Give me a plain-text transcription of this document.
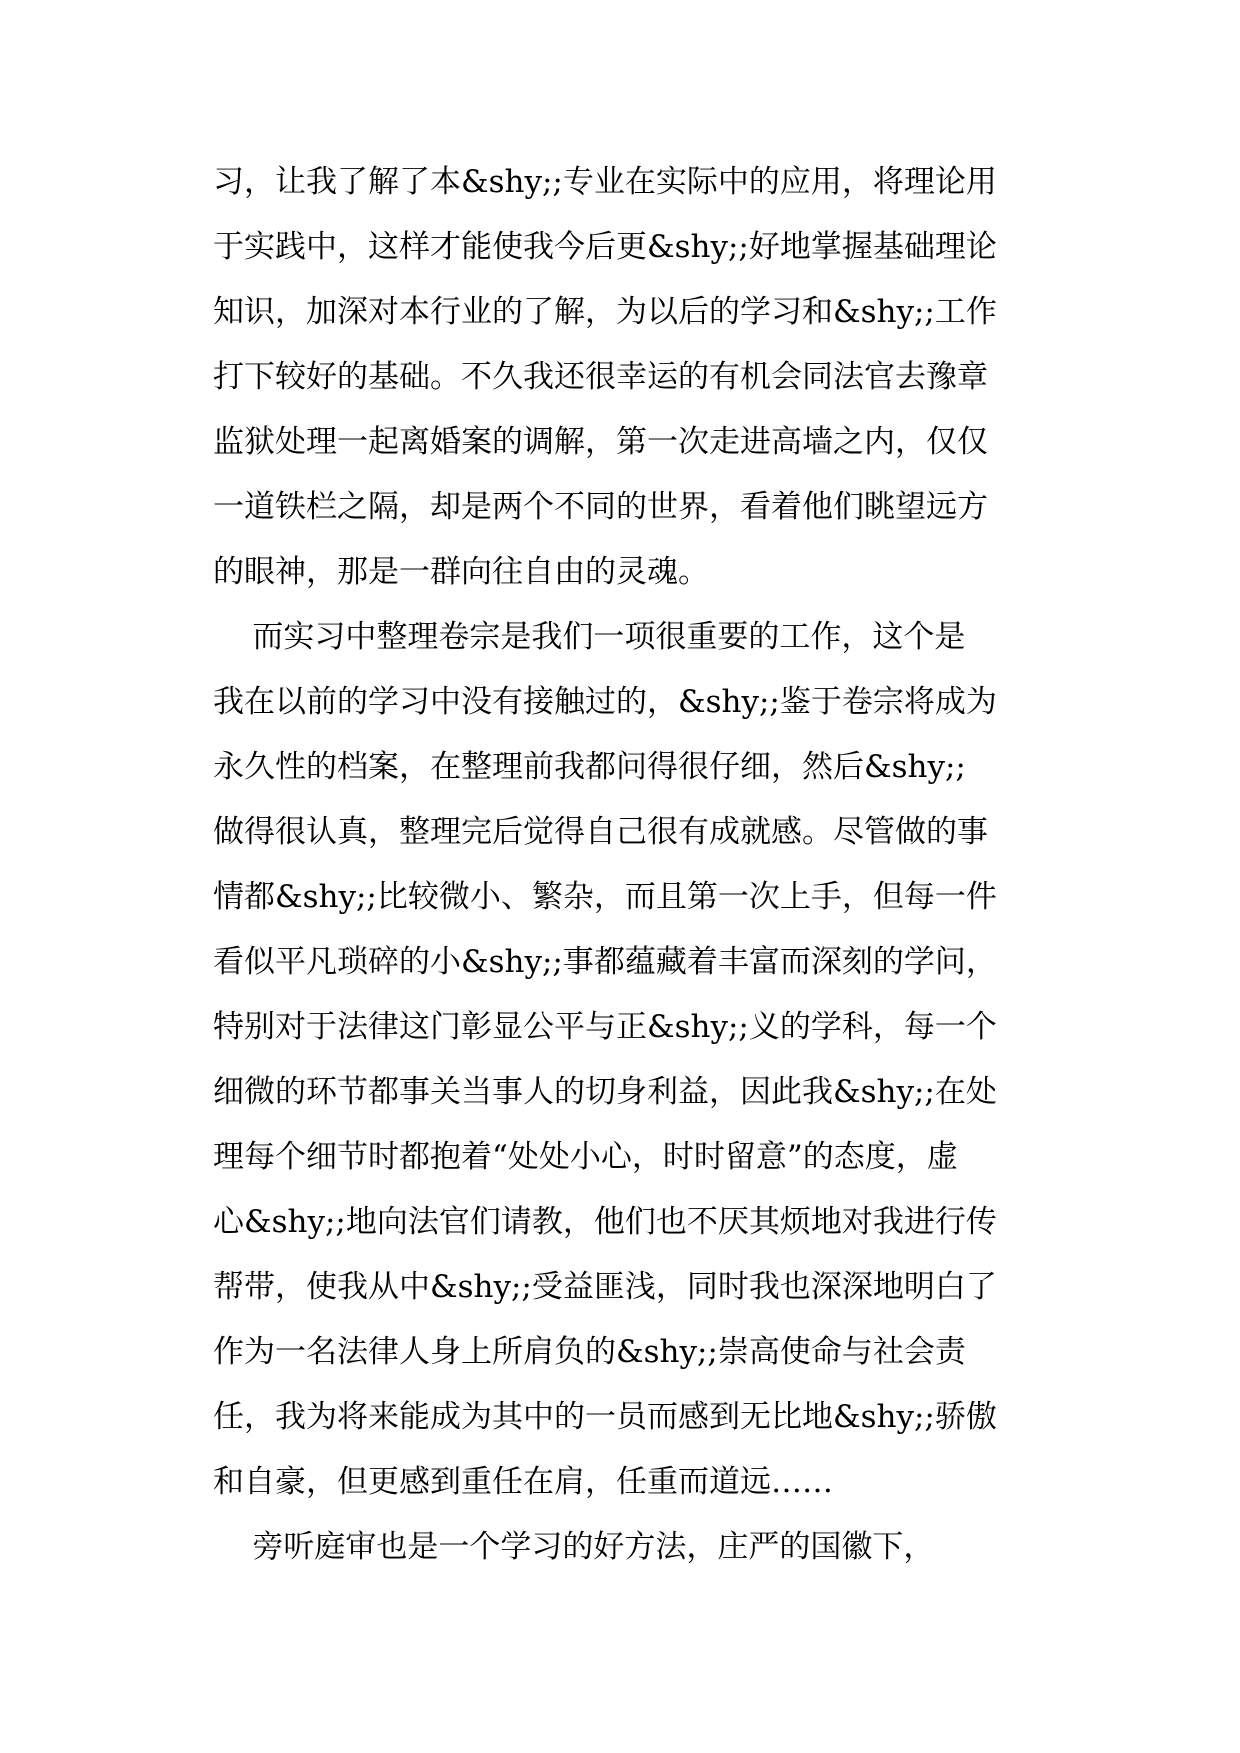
习，让我了解了本&shy;;专业在实际中的应用，将理论用
于实践中，这样才能使我今后更&shy;;好地掌握基础理论
知识，加深对本行业的了解，为以后的学习和&shy;;工作
打下较好的基础。不久我还很幸运的有机会同法官去豫章
监狱处理一起离婚案的调解，第一次走进高墙之内，仅仅
一道铁栏之隔，却是两个不同的世界，看着他们眺望远方
的眼神，那是一群向往自由的灵魂。
而实习中整理卷宗是我们一项很重要的工作，这个是
我在以前的学习中没有接触过的，&shy;;鉴于卷宗将成为
永久性的档案，在整理前我都问得很仔细，然后&shy;;
做得很认真，整理完后觉得自己很有成就感。尽管做的事
情都&shy;;比较微小、繁杂，而且第一次上手，但每一件
看似平凡琐碎的小&shy;;事都蕴藏着丰富而深刻的学问，
特别对于法律这门彰显公平与正&shy;;义的学科，每一个
细微的环节都事关当事人的切身利益，因此我&shy;;在处
理每个细节时都抱着“处处小心，时时留意”的态度，虚
心&shy;;地向法官们请教，他们也不厌其烦地对我进行传
帮带，使我从中&shy;;受益匪浅，同时我也深深地明白了
作为一名法律人身上所肩负的&shy;;崇高使命与社会责
任，我为将来能成为其中的一员而感到无比地&shy;;骄傲
和自豪，但更感到重任在肩，任重而道远……
旁听庭审也是一个学习的好方法，庄严的国徽下，
